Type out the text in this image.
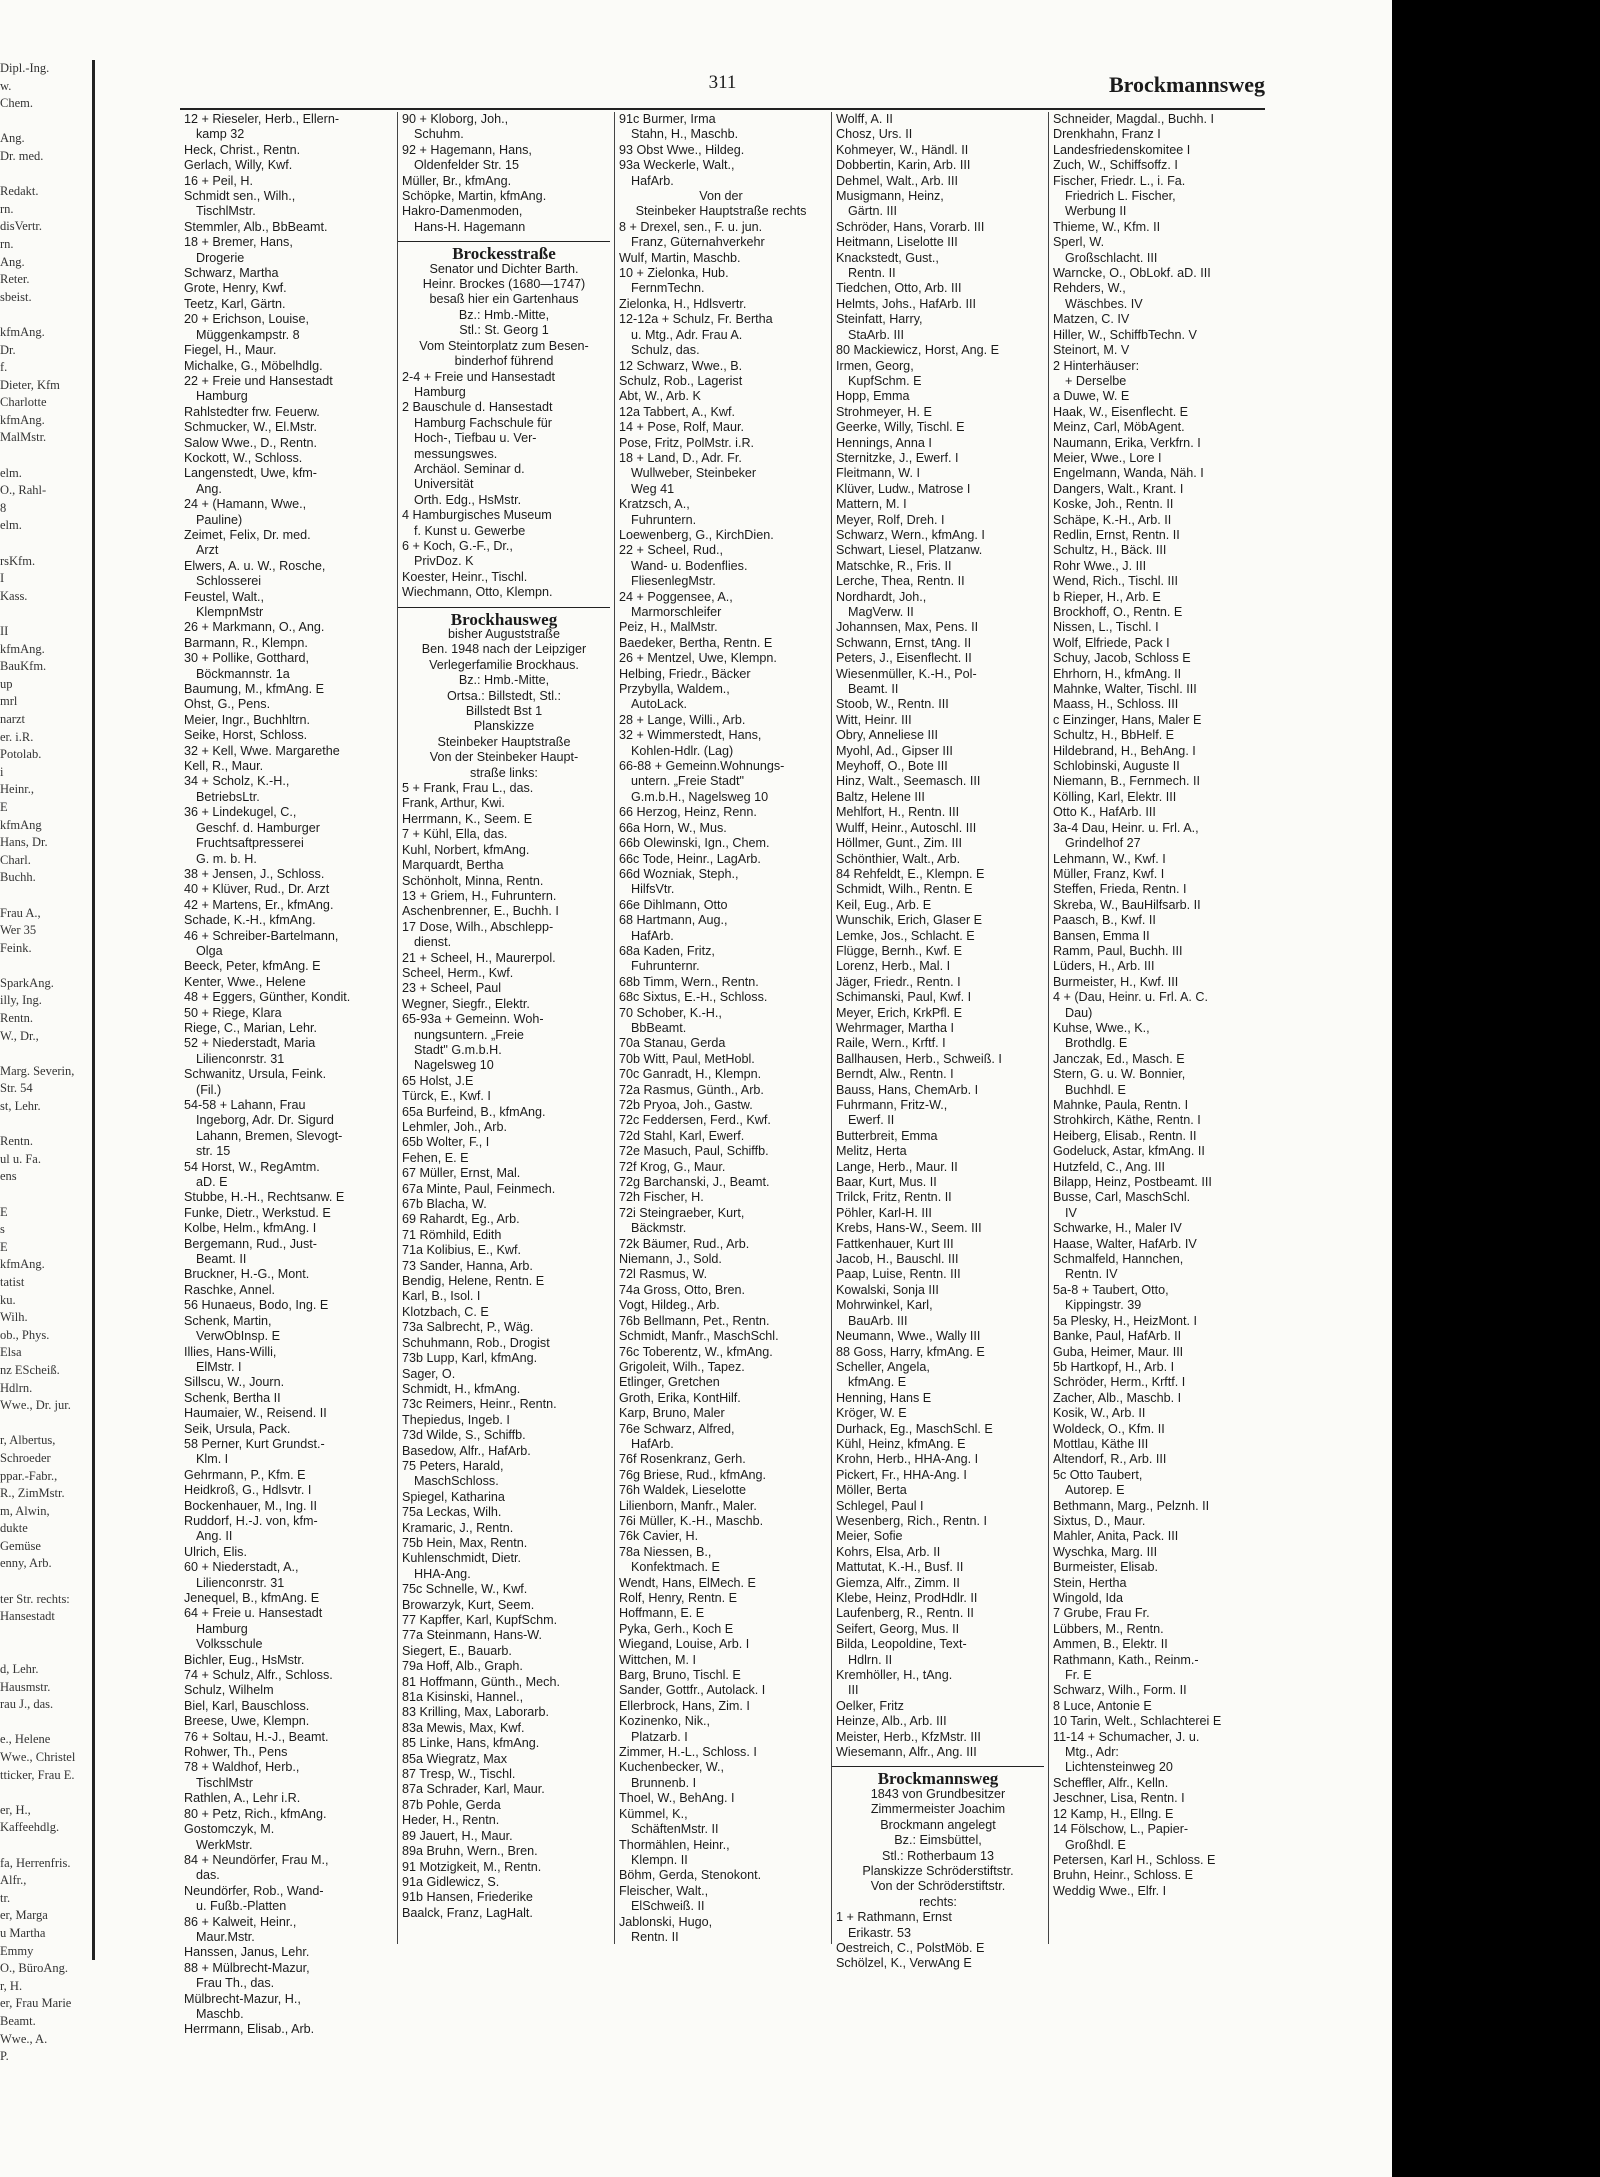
Dipl.-Ing.
w.
Chem.

Ang.
Dr. med.

Redakt.
rn.
disVertr.
rn.
Ang.
Reter.
sbeist.

kfmAng.
Dr.
f.
Dieter, Kfm
Charlotte
kfmAng.
MalMstr.

elm.
O., Rahl-
8
elm.

rsKfm.
I
Kass.

II
kfmAng.
BauKfm.
up
mrl
narzt
er. i.R.
Potolab.
i
Heinr.,
E
kfmAng
Hans, Dr.
Charl.
Buchh.

Frau A.,
Wer 35
Feink.

SparkAng.
illy, Ing.
Rentn.
W., Dr.,

Marg. Severin,
Str. 54
st, Lehr.

Rentn.
ul u. Fa.
ens

E
s
E
kfmAng.
tatist
ku.
Wilh.
ob., Phys.
Elsa
nz EScheiß.
Hdlrn.
Wwe., Dr. jur.

r, Albertus,
Schroeder
ppar.-Fabr.,
R., ZimMstr.
m, Alwin,
dukte
Gemüse
enny, Arb.

ter Str. rechts:
Hansestadt

d, Lehr.
Hausmstr.
rau J., das.

e., Helene
Wwe., Christel
tticker, Frau E.

er, H.,
Kaffeehdlg.

fa, Herrenfris.
Alfr.,
tr.
er, Marga
u Martha
Emmy
O., BüroAng.
r, H.
er, Frau Marie
Beamt.
Wwe., A.
P.
311	Brockmannsweg
12 + Rieseler, Herb., Ellern-
kamp 32
Heck, Christ., Rentn.
Gerlach, Willy, Kwf.
16 + Peil, H.
Schmidt sen., Wilh.,
TischlMstr.
Stemmler, Alb., BbBeamt.
18 + Bremer, Hans,
Drogerie
Schwarz, Martha
Grote, Henry, Kwf.
Teetz, Karl, Gärtn.
20 + Erichson, Louise,
Müggenkampstr. 8
Fiegel, H., Maur.
Michalke, G., Möbelhdlg.
22 + Freie und Hansestadt
Hamburg
Rahlstedter frw. Feuerw.
Schmucker, W., El.Mstr.
Salow Wwe., D., Rentn.
Kockott, W., Schloss.
Langenstedt, Uwe, kfm-
Ang.
24 + (Hamann, Wwe.,
Pauline)
Zeimet, Felix, Dr. med.
Arzt
Elwers, A. u. W., Rosche,
Schlosserei
Feustel, Walt.,
KlempnMstr
26 + Markmann, O., Ang.
Barmann, R., Klempn.
30 + Pollike, Gotthard,
Böckmannstr. 1a
Baumung, M., kfmAng. E
Ohst, G., Pens.
Meier, Ingr., Buchhltrn.
Seike, Horst, Schloss.
32 + Kell, Wwe. Margarethe
Kell, R., Maur.
34 + Scholz, K.-H.,
BetriebsLtr.
36 + Lindekugel, C.,
Geschf. d. Hamburger
Fruchtsaftpresserei
G. m. b. H.
38 + Jensen, J., Schloss.
40 + Klüver, Rud., Dr. Arzt
42 + Martens, Er., kfmAng.
Schade, K.-H., kfmAng.
46 + Schreiber-Bartelmann,
Olga
Beeck, Peter, kfmAng. E
Kenter, Wwe., Helene
48 + Eggers, Günther, Kondit.
50 + Riege, Klara
Riege, C., Marian, Lehr.
52 + Niederstadt, Maria
Lilienconrstr. 31
Schwanitz, Ursula, Feink.
(Fil.)
54-58 + Lahann, Frau
Ingeborg, Adr. Dr. Sigurd
Lahann, Bremen, Slevogt-
str. 15
54 Horst, W., RegAmtm.
aD. E
Stubbe, H.-H., Rechtsanw. E
Funke, Dietr., Werkstud. E
Kolbe, Helm., kfmAng. I
Bergemann, Rud., Just-
Beamt. II
Bruckner, H.-G., Mont.
Raschke, Annel.
56 Hunaeus, Bodo, Ing. E
Schenk, Martin,
VerwObInsp. E
Illies, Hans-Willi,
ElMstr. I
Sillscu, W., Journ.
Schenk, Bertha II
Haumaier, W., Reisend. II
Seik, Ursula, Pack.
58 Perner, Kurt Grundst.-
Klm. I
Gehrmann, P., Kfm. E
Heidkroß, G., Hdlsvtr. I
Bockenhauer, M., Ing. II
Ruddorf, H.-J. von, kfm-
Ang. II
Ulrich, Elis.
60 + Niederstadt, A.,
Lilienconrstr. 31
Jenequel, B., kfmAng. E
64 + Freie u. Hansestadt
Hamburg
Volksschule
Bichler, Eug., HsMstr.
74 + Schulz, Alfr., Schloss.
Schulz, Wilhelm
Biel, Karl, Bauschloss.
Breese, Uwe, Klempn.
76 + Soltau, H.-J., Beamt.
Rohwer, Th., Pens
78 + Waldhof, Herb.,
TischlMstr
Rathlen, A., Lehr i.R.
80 + Petz, Rich., kfmAng.
Gostomczyk, M.
WerkMstr.
84 + Neundörfer, Frau M.,
das.
Neundörfer, Rob., Wand-
u. Fußb.-Platten
86 + Kalweit, Heinr.,
Maur.Mstr.
Hanssen, Janus, Lehr.
88 + Mülbrecht-Mazur,
Frau Th., das.
Mülbrecht-Mazur, H.,
Maschb.
Herrmann, Elisab., Arb.
90 + Kloborg, Joh.,
Schuhm.
92 + Hagemann, Hans,
Oldenfelder Str. 15
Müller, Br., kfmAng.
Schöpke, Martin, kfmAng.
Hakro-Damenmoden,
Hans-H. Hagemann
Brockesstraße
Senator und Dichter Barth.
Heinr. Brockes (1680—1747)
besaß hier ein Gartenhaus
Bz.: Hmb.-Mitte,
Stl.: St. Georg 1
Vom Steintorplatz zum Besen-
binderhof führend
2-4 + Freie und Hansestadt
Hamburg
2 Bauschule d. Hansestadt
Hamburg Fachschule für
Hoch-, Tiefbau u. Ver-
messungswes.
Archäol. Seminar d.
Universität
Orth. Edg., HsMstr.
4 Hamburgisches Museum
f. Kunst u. Gewerbe
6 + Koch, G.-F., Dr.,
PrivDoz. K
Koester, Heinr., Tischl.
Wiechmann, Otto, Klempn.
Brockhausweg
bisher Auguststraße
Ben. 1948 nach der Leipziger
Verlegerfamilie Brockhaus.
Bz.: Hmb.-Mitte,
Ortsa.: Billstedt, Stl.:
Billstedt Bst 1
Planskizze
Steinbeker Hauptstraße
Von der Steinbeker Haupt-
straße links:
5 + Frank, Frau L., das.
Frank, Arthur, Kwi.
Herrmann, K., Seem. E
7 + Kühl, Ella, das.
Kuhl, Norbert, kfmAng.
Marquardt, Bertha
Schönholt, Minna, Rentn.
13 + Griem, H., Fuhruntern.
Aschenbrenner, E., Buchh. I
17 Dose, Wilh., Abschlepp-
dienst.
21 + Scheel, H., Maurerpol.
Scheel, Herm., Kwf.
23 + Scheel, Paul
Wegner, Siegfr., Elektr.
65-93a + Gemeinn. Woh-
nungsuntern. „Freie
Stadt" G.m.b.H.
Nagelsweg 10
65 Holst, J.E
Türck, E., Kwf. I
65a Burfeind, B., kfmAng.
Lehmler, Joh., Arb.
65b Wolter, F., I
Fehen, E. E
67 Müller, Ernst, Mal.
67a Minte, Paul, Feinmech.
67b Blacha, W.
69 Rahardt, Eg., Arb.
71 Römhild, Edith
71a Kolibius, E., Kwf.
73 Sander, Hanna, Arb.
Bendig, Helene, Rentn. E
Karl, B., Isol. I
Klotzbach, C. E
73a Salbrecht, P., Wäg.
Schuhmann, Rob., Drogist
73b Lupp, Karl, kfmAng.
Sager, O.
Schmidt, H., kfmAng.
73c Reimers, Heinr., Rentn.
Thepiedus, Ingeb. I
73d Wilde, S., Schiffb.
Basedow, Alfr., HafArb.
75 Peters, Harald,
MaschSchloss.
Spiegel, Katharina
75a Leckas, Wilh.
Kramaric, J., Rentn.
75b Hein, Max, Rentn.
Kuhlenschmidt, Dietr.
HHA-Ang.
75c Schnelle, W., Kwf.
Browarzyk, Kurt, Seem.
77 Kapffer, Karl, KupfSchm.
77a Steinmann, Hans-W.
Siegert, E., Bauarb.
79a Hoff, Alb., Graph.
81 Hoffmann, Günth., Mech.
81a Kisinski, Hannel.,
83 Krilling, Max, Laborarb.
83a Mewis, Max, Kwf.
85 Linke, Hans, kfmAng.
85a Wiegratz, Max
87 Tresp, W., Tischl.
87a Schrader, Karl, Maur.
87b Pohle, Gerda
Heder, H., Rentn.
89 Jauert, H., Maur.
89a Bruhn, Wern., Bren.
91 Motzigkeit, M., Rentn.
91a Gidlewicz, S.
91b Hansen, Friederike
Baalck, Franz, LagHalt.
91c Burmer, Irma
Stahn, H., Maschb.
93 Obst Wwe., Hildeg.
93a Weckerle, Walt.,
HafArb.
Von der
Steinbeker Hauptstraße rechts
8 + Drexel, sen., F. u. jun.
Franz, Güternahverkehr
Wulf, Martin, Maschb.
10 + Zielonka, Hub.
FernmTechn.
Zielonka, H., Hdlsvertr.
12-12a + Schulz, Fr. Bertha
u. Mtg., Adr. Frau A.
Schulz, das.
12 Schwarz, Wwe., B.
Schulz, Rob., Lagerist
Abt, W., Arb. K
12a Tabbert, A., Kwf.
14 + Pose, Rolf, Maur.
Pose, Fritz, PolMstr. i.R.
18 + Land, D., Adr. Fr.
Wullweber, Steinbeker
Weg 41
Kratzsch, A.,
Fuhruntern.
Loewenberg, G., KirchDien.
22 + Scheel, Rud.,
Wand- u. Bodenflies.
FliesenlegMstr.
24 + Poggensee, A.,
Marmorschleifer
Peiz, H., MalMstr.
Baedeker, Bertha, Rentn. E
26 + Mentzel, Uwe, Klempn.
Helbing, Friedr., Bäcker
Przybylla, Waldem.,
AutoLack.
28 + Lange, Willi., Arb.
32 + Wimmerstedt, Hans,
Kohlen-Hdlr. (Lag)
66-88 + Gemeinn.Wohnungs-
untern. „Freie Stadt"
G.m.b.H., Nagelsweg 10
66 Herzog, Heinz, Renn.
66a Horn, W., Mus.
66b Olewinski, Ign., Chem.
66c Tode, Heinr., LagArb.
66d Wozniak, Steph.,
HilfsVtr.
66e Dihlmann, Otto
68 Hartmann, Aug.,
HafArb.
68a Kaden, Fritz,
Fuhrunternr.
68b Timm, Wern., Rentn.
68c Sixtus, E.-H., Schloss.
70 Schober, K.-H.,
BbBeamt.
70a Stanau, Gerda
70b Witt, Paul, MetHobl.
70c Ganradt, H., Klempn.
72a Rasmus, Günth., Arb.
72b Pryoa, Joh., Gastw.
72c Feddersen, Ferd., Kwf.
72d Stahl, Karl, Ewerf.
72e Masuch, Paul, Schiffb.
72f Krog, G., Maur.
72g Barchanski, J., Beamt.
72h Fischer, H.
72i Steingraeber, Kurt,
Bäckmstr.
72k Bäumer, Rud., Arb.
Niemann, J., Sold.
72l Rasmus, W.
74a Gross, Otto, Bren.
Vogt, Hildeg., Arb.
76b Bellmann, Pet., Rentn.
Schmidt, Manfr., MaschSchl.
76c Toberentz, W., kfmAng.
Grigoleit, Wilh., Tapez.
Etlinger, Gretchen
Groth, Erika, KontHilf.
Karp, Bruno, Maler
76e Schwarz, Alfred,
HafArb.
76f Rosenkranz, Gerh.
76g Briese, Rud., kfmAng.
76h Waldek, Lieselotte
Lilienborn, Manfr., Maler.
76i Müller, K.-H., Maschb.
76k Cavier, H.
78a Niessen, B.,
Konfektmach. E
Wendt, Hans, ElMech. E
Rolf, Henry, Rentn. E
Hoffmann, E. E
Pyka, Gerh., Koch E
Wiegand, Louise, Arb. I
Wittchen, M. I
Barg, Bruno, Tischl. E
Sander, Gottfr., Autolack. I
Ellerbrock, Hans, Zim. I
Kozinenko, Nik.,
Platzarb. I
Zimmer, H.-L., Schloss. I
Kuchenbecker, W.,
Brunnenb. I
Thoel, W., BehAng. I
Kümmel, K.,
SchäftenMstr. II
Thormählen, Heinr.,
Klempn. II
Böhm, Gerda, Stenokont.
Fleischer, Walt.,
ElSchweiß. II
Jablonski, Hugo,
Rentn. II
Wolff, A. II
Chosz, Urs. II
Kohmeyer, W., Händl. II
Dobbertin, Karin, Arb. III
Dehmel, Walt., Arb. III
Musigmann, Heinz,
Gärtn. III
Schröder, Hans, Vorarb. III
Heitmann, Liselotte III
Knackstedt, Gust.,
Rentn. II
Tiedchen, Otto, Arb. III
Helmts, Johs., HafArb. III
Steinfatt, Harry,
StaArb. III
80 Mackiewicz, Horst, Ang. E
Irmen, Georg,
KupfSchm. E
Hopp, Emma
Strohmeyer, H. E
Geerke, Willy, Tischl. E
Hennings, Anna I
Sternitzke, J., Ewerf. I
Fleitmann, W. I
Klüver, Ludw., Matrose I
Mattern, M. I
Meyer, Rolf, Dreh. I
Schwarz, Wern., kfmAng. I
Schwart, Liesel, Platzanw.
Matschke, R., Fris. II
Lerche, Thea, Rentn. II
Nordhardt, Joh.,
MagVerw. II
Johannsen, Max, Pens. II
Schwann, Ernst, tAng. II
Peters, J., Eisenflecht. II
Wiesenmüller, K.-H., Pol-
Beamt. II
Stoob, W., Rentn. III
Witt, Heinr. III
Obry, Anneliese III
Myohl, Ad., Gipser III
Meyhoff, O., Bote III
Hinz, Walt., Seemasch. III
Baltz, Helene III
Mehlfort, H., Rentn. III
Wulff, Heinr., Autoschl. III
Höllmer, Gunt., Zim. III
Schönthier, Walt., Arb.
84 Rehfeldt, E., Klempn. E
Schmidt, Wilh., Rentn. E
Keil, Eug., Arb. E
Wunschik, Erich, Glaser E
Lemke, Jos., Schlacht. E
Flügge, Bernh., Kwf. E
Lorenz, Herb., Mal. I
Jäger, Friedr., Rentn. I
Schimanski, Paul, Kwf. I
Meyer, Erich, KrkPfl. E
Wehrmager, Martha I
Raile, Wern., Krftf. I
Ballhausen, Herb., Schweiß. I
Berndt, Alw., Rentn. I
Bauss, Hans, ChemArb. I
Fuhrmann, Fritz-W.,
Ewerf. II
Butterbreit, Emma
Melitz, Herta
Lange, Herb., Maur. II
Baar, Kurt, Mus. II
Trilck, Fritz, Rentn. II
Pöhler, Karl-H. III
Krebs, Hans-W., Seem. III
Fattkenhauer, Kurt III
Jacob, H., Bauschl. III
Paap, Luise, Rentn. III
Kowalski, Sonja III
Mohrwinkel, Karl,
BauArb. III
Neumann, Wwe., Wally III
88 Goss, Harry, kfmAng. E
Scheller, Angela,
kfmAng. E
Henning, Hans E
Kröger, W. E
Durhack, Eg., MaschSchl. E
Kühl, Heinz, kfmAng. E
Krohn, Herb., HHA-Ang. I
Pickert, Fr., HHA-Ang. I
Möller, Berta
Schlegel, Paul I
Wesenberg, Rich., Rentn. I
Meier, Sofie
Kohrs, Elsa, Arb. II
Mattutat, K.-H., Busf. II
Giemza, Alfr., Zimm. II
Klebe, Heinz, ProdHdlr. II
Laufenberg, R., Rentn. II
Seifert, Georg, Mus. II
Bilda, Leopoldine, Text-
Hdlrn. II
Kremhöller, H., tAng.
III
Oelker, Fritz
Heinze, Alb., Arb. III
Meister, Herb., KfzMstr. III
Wiesemann, Alfr., Ang. III
Brockmannsweg
1843 von Grundbesitzer
Zimmermeister Joachim
Brockmann angelegt
Bz.: Eimsbüttel,
Stl.: Rotherbaum 13
Planskizze Schröderstiftstr.
Von der Schröderstiftstr.
rechts:
1 + Rathmann, Ernst
Erikastr. 53
Oestreich, C., PolstMöb. E
Schölzel, K., VerwAng E
Schneider, Magdal., Buchh. I
Drenkhahn, Franz I
Landesfriedenskomitee I
Zuch, W., Schiffsoffz. I
Fischer, Friedr. L., i. Fa.
Friedrich L. Fischer,
Werbung II
Thieme, W., Kfm. II
Sperl, W.
Großschlacht. III
Warncke, O., ObLokf. aD. III
Rehders, W.,
Wäschbes. IV
Matzen, C. IV
Hiller, W., SchiffbTechn. V
Steinort, M. V
2 Hinterhäuser:
+ Derselbe
a Duwe, W. E
Haak, W., Eisenflecht. E
Meinz, Carl, MöbAgent.
Naumann, Erika, Verkfrn. I
Meier, Wwe., Lore I
Engelmann, Wanda, Näh. I
Dangers, Walt., Krant. I
Koske, Joh., Rentn. II
Schäpe, K.-H., Arb. II
Redlin, Ernst, Rentn. II
Schultz, H., Bäck. III
Rohr Wwe., J. III
Wend, Rich., Tischl. III
b Rieper, H., Arb. E
Brockhoff, O., Rentn. E
Nissen, L., Tischl. I
Wolf, Elfriede, Pack I
Schuy, Jacob, Schloss E
Ehrhorn, H., kfmAng. II
Mahnke, Walter, Tischl. III
Maass, H., Schloss. III
c Einzinger, Hans, Maler E
Schultz, H., BbHelf. E
Hildebrand, H., BehAng. I
Schlobinski, Auguste II
Niemann, B., Fernmech. II
Kölling, Karl, Elektr. III
Otto K., HafArb. III
3a-4 Dau, Heinr. u. Frl. A.,
Grindelhof 27
Lehmann, W., Kwf. I
Müller, Franz, Kwf. I
Steffen, Frieda, Rentn. I
Skreba, W., BauHilfsarb. II
Paasch, B., Kwf. II
Bansen, Emma II
Ramm, Paul, Buchh. III
Lüders, H., Arb. III
Burmeister, H., Kwf. III
4 + (Dau, Heinr. u. Frl. A. C.
Dau)
Kuhse, Wwe., K.,
Brothdlg. E
Janczak, Ed., Masch. E
Stern, G. u. W. Bonnier,
Buchhdl. E
Mahnke, Paula, Rentn. I
Strohkirch, Käthe, Rentn. I
Heiberg, Elisab., Rentn. II
Godeluck, Astar, kfmAng. II
Hutzfeld, C., Ang. III
Bilapp, Heinz, Postbeamt. III
Busse, Carl, MaschSchl.
IV
Schwarke, H., Maler IV
Haase, Walter, HafArb. IV
Schmalfeld, Hannchen,
Rentn. IV
5a-8 + Taubert, Otto,
Kippingstr. 39
5a Plesky, H., HeizMont. I
Banke, Paul, HafArb. II
Guba, Heimer, Maur. III
5b Hartkopf, H., Arb. I
Schröder, Herm., Krftf. I
Zacher, Alb., Maschb. I
Kosik, W., Arb. II
Woldeck, O., Kfm. II
Mottlau, Käthe III
Altendorf, R., Arb. III
5c Otto Taubert,
Autorep. E
Bethmann, Marg., Pelznh. II
Sixtus, D., Maur.
Mahler, Anita, Pack. III
Wyschka, Marg. III
Burmeister, Elisab.
Stein, Hertha
Wingold, Ida
7 Grube, Frau Fr.
Lübbers, M., Rentn.
Ammen, B., Elektr. II
Rathmann, Kath., Reinm.-
Fr. E
Schwarz, Wilh., Form. II
8 Luce, Antonie E
10 Tarin, Welt., Schlachterei E
11-14 + Schumacher, J. u.
Mtg., Adr:
Lichtensteinweg 20
Scheffler, Alfr., Kelln.
Jeschner, Lisa, Rentn. I
12 Kamp, H., Ellng. E
14 Fölschow, L., Papier-
Großhdl. E
Petersen, Karl H., Schloss. E
Bruhn, Heinr., Schloss. E
Weddig Wwe., Elfr. I
